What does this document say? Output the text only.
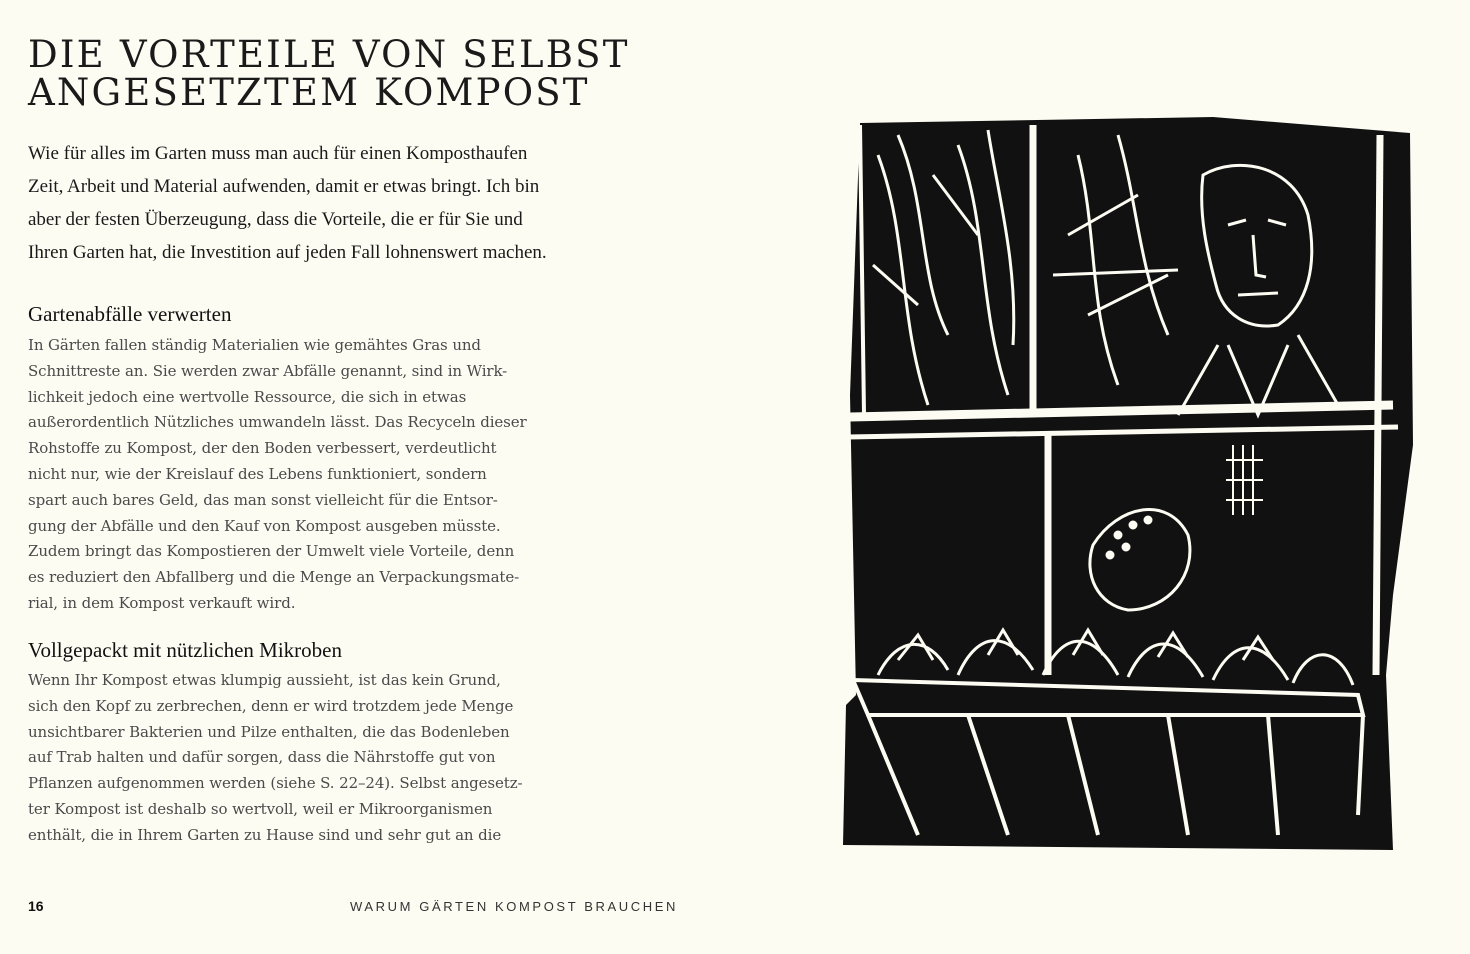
DIE VORTEILE VON SELBST
ANGESETZTEM KOMPOST

Wie für alles im Garten muss man auch für einen Komposthaufen
Zeit, Arbeit und Material aufwenden, damit er etwas bringt. Ich bin
aber der festen Überzeugung, dass die Vorteile, die er für Sie und
Ihren Garten hat, die Investition auf jeden Fall lohnenswert machen.

Gartenabfälle verwerten

In Gärten fallen ständig Materialien wie gemähtes Gras und
Schnittreste an. Sie werden zwar Abfälle genannt, sind in Wirk-
lichkeit jedoch eine wertvolle Ressource, die sich in etwas
außerordentlich Nützliches umwandeln lässt. Das Recyceln dieser
Rohstoffe zu Kompost, der den Boden verbessert, verdeutlicht
nicht nur, wie der Kreislauf des Lebens funktioniert, sondern
spart auch bares Geld, das man sonst vielleicht für die Entsor-
gung der Abfälle und den Kauf von Kompost ausgeben müsste.
Zudem bringt das Kompostieren der Umwelt viele Vorteile, denn
es reduziert den Abfallberg und die Menge an Verpackungsmate-
rial, in dem Kompost verkauft wird.

Vollgepackt mit nützlichen Mikroben

Wenn Ihr Kompost etwas klumpig aussieht, ist das kein Grund,
sich den Kopf zu zerbrechen, denn er wird trotzdem jede Menge
unsichtbarer Bakterien und Pilze enthalten, die das Bodenleben
auf Trab halten und dafür sorgen, dass die Nährstoffe gut von
Pflanzen aufgenommen werden (siehe S. 22–24). Selbst angesetz-
ter Kompost ist deshalb so wertvoll, weil er Mikroorganismen
enthält, die in Ihrem Garten zu Hause sind und sehr gut an die

16	WARUM GÄRTEN KOMPOST BRAUCHEN
